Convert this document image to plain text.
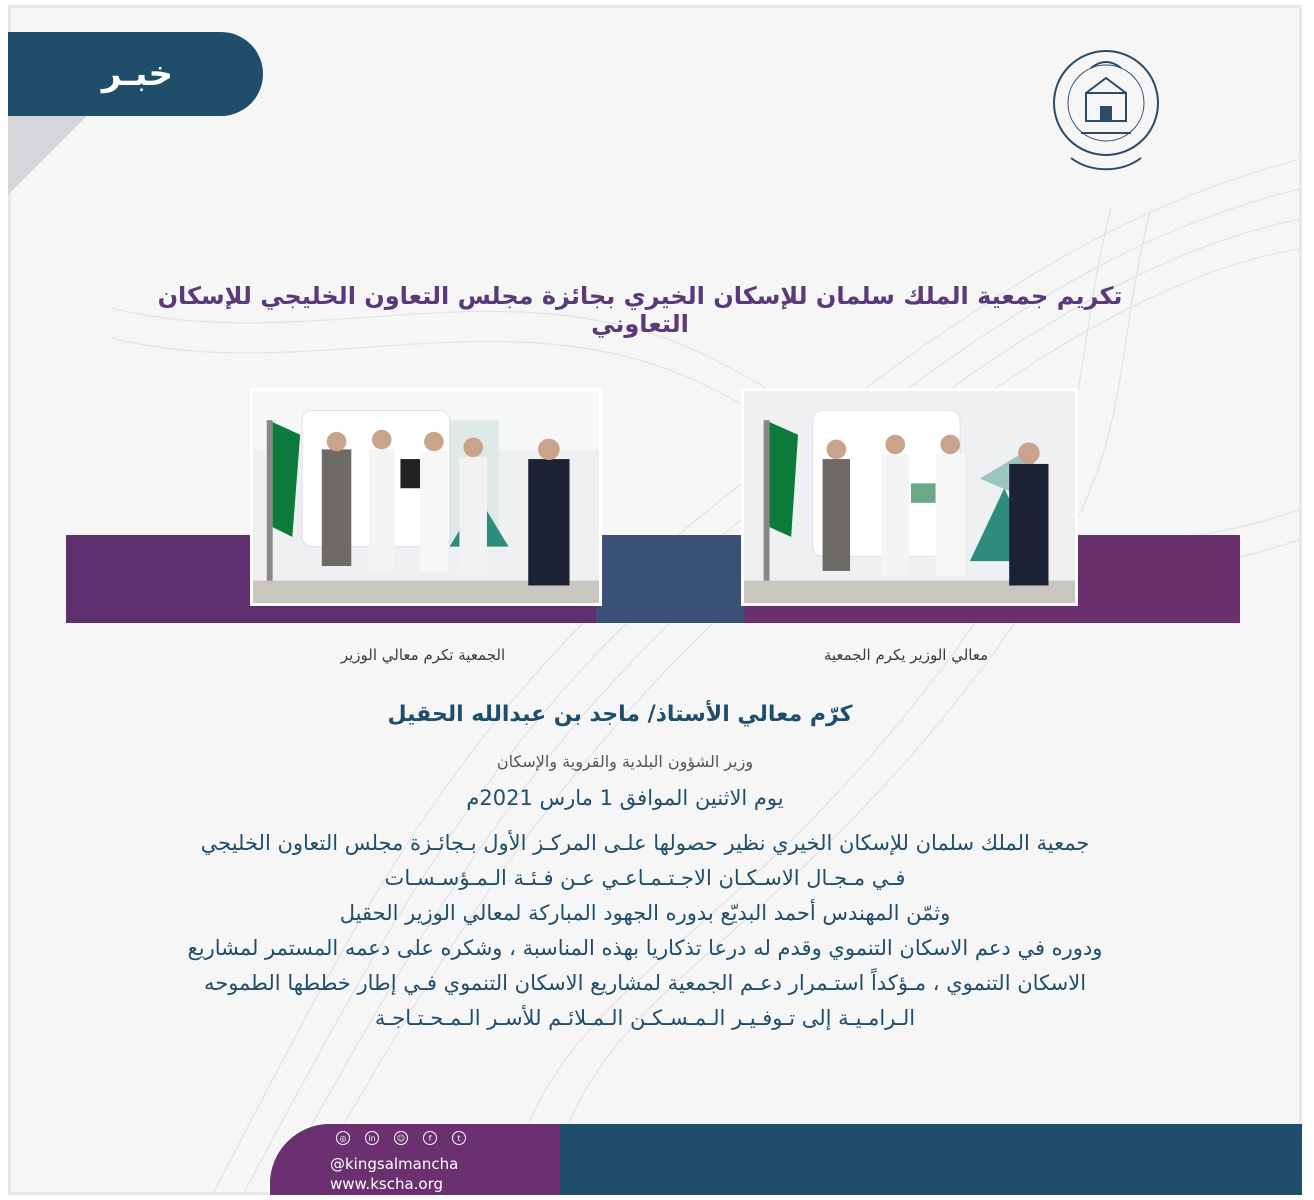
خبـر
تكريم جمعية الملك سلمان للإسكان الخيري بجائزة مجلس التعاون الخليجي للإسكان التعاوني
الجمعية تكرم معالي الوزير	معالي الوزير يكرم الجمعية
كرّم معالي الأستاذ/ ماجد بن عبدالله الحقيل
وزير الشؤون البلدية والقروية والإسكان
يوم الاثنين الموافق 1 مارس 2021م
جمعية الملك سلمان للإسكان الخيري نظير حصولها علـى المركـز الأول بـجائـزة مجلس التعاون الخليجي
فـي مـجـال الاسـكـان الاجـتـمـاعـي عـن فـئـة الـمـؤسـسـات
وثمّن المهندس أحمد البديّع بدوره الجهود المباركة لمعالي الوزير الحقيل
ودوره في دعم الاسكان التنموي وقدم له درعا تذكاريا بهذه المناسبة ، وشكره على دعمه المستمر لمشاريع
الاسكان التنموي ، مـؤكداً استـمرار دعـم الجمعية لمشاريع الاسكان التنموي فـي إطار خططها الطموحه
الـرامـيـة إلى تـوفـيـر الـمـسـكـن الـمـلائـم للأسـر الـمـحـتـاجـة
◎	in	☺	f	t
@kingsalmancha
www.kscha.org
